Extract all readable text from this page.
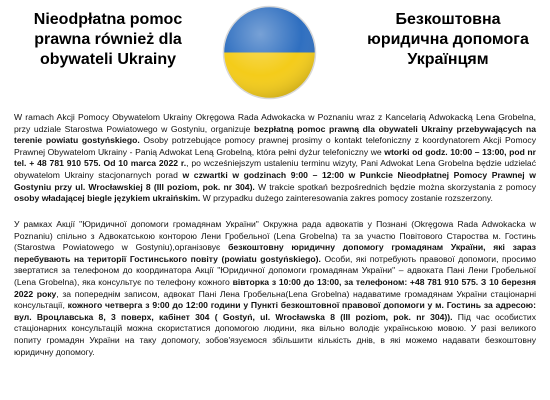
Nieodpłatna pomoc prawna również dla obywateli Ukrainy
Безкоштовна юридична допомога Українцям
W ramach Akcji Pomocy Obywatelom Ukrainy Okręgowa Rada Adwokacka w Poznaniu wraz z Kancelarią Adwokacką Lena Grobelna, przy udziale Starostwa Powiatowego w Gostyniu, organizuje bezpłatną pomoc prawną dla obywateli Ukrainy przebywających na terenie powiatu gostyńskiego. Osoby potrzebujące pomocy prawnej prosimy o kontakt telefoniczny z koordynatorem Akcji Pomocy Prawnej Obywatelom Ukrainy - Panią Adwokat Leną Grobelną, która pełni dyżur telefoniczny we wtorki od godz. 10:00 – 13:00, pod nr tel. + 48 781 910 575. Od 10 marca 2022 r., po wcześniejszym ustaleniu terminu wizyty, Pani Adwokat Lena Grobelna będzie udzielać obywatelom Ukrainy stacjonarnych porad w czwartki w godzinach 9:00 – 12:00 w Punkcie Nieodpłatnej Pomocy Prawnej w Gostyniu przy ul. Wrocławskiej 8 (III poziom, pok. nr 304). W trakcie spotkań bezpośrednich będzie można skorzystania z pomocy osoby władającej biegle językiem ukraińskim. W przypadku dużego zainteresowania zakres pomocy zostanie rozszerzony.
У рамках Акції "Юридичної допомоги громадянам України" Окружна рада адвокатів у Познані (Okręgowa Rada Adwokacka w Poznaniu) спільно з Адвокатською конторою Лени Гробельної (Lena Grobelna) та за участю Повітового Староства м. Гостинь (Starostwa Powiatowego w Gostyniu),організовує безкоштовну юридичну допомогу громадянам України, які зараз перебувають на території Гостинського повіту (powiatu gostyńskiego). Особи, які потребують правової допомоги, просимо звертатися за телефоном до координатора Акції "Юридичної допомоги громадянам України" – адвоката Пані Лени Гробельної (Lena Grobelna), яка консультує по телефону кожного вівторка з 10:00 до 13:00, за телефоном: +48 781 910 575. З 10 березня 2022 року, за попереднім записом, адвокат Пані Лена Гробельна(Lena Grobelna) надаватиме громадянам України стаціонарні консультації, кожного четверга з 9:00 до 12:00 години у Пункті безкоштовної правової допомоги у м. Гостинь за адресою: вул. Вроцлавська 8, 3 поверх, кабінет 304 ( Gostyń, ul. Wrocławska 8 (III poziom, pok. nr 304)). Під час особистих стаціонарних консультацій можна скористатися допомогою людини, яка вільно володіє українською мовою. У разі великого попиту громадян України на таку допомогу, зобов'язуємося збільшити кількість днів, в які можемо надавати безкоштовну юридичну допомогу.
